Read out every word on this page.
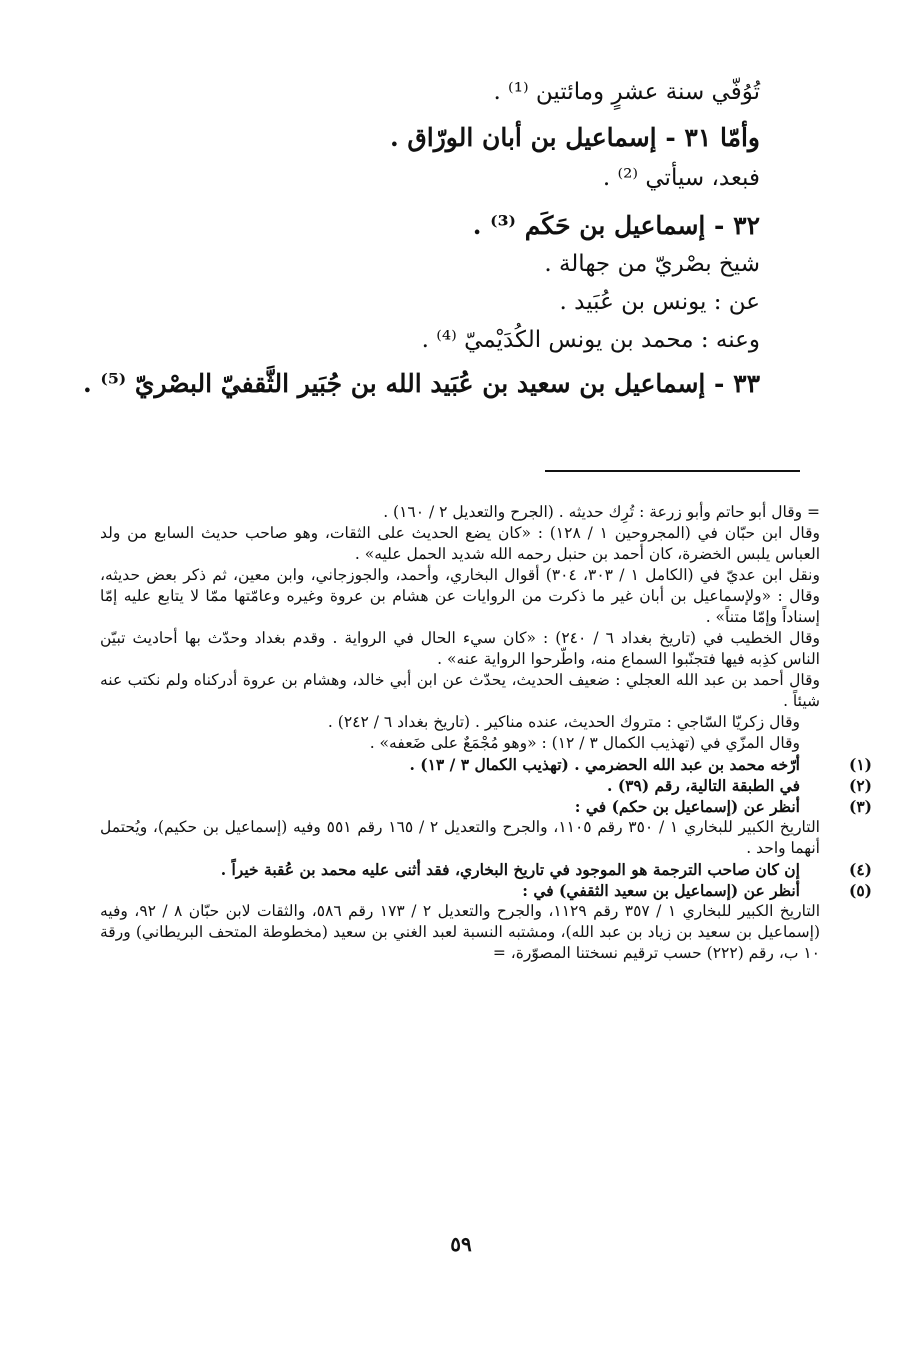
تُوُفّي سنة عشرٍ ومائتين ⁽¹⁾ .

وأمّا ٣١ - إسماعيل بن أبان الورّاق .

فبعد، سيأتي ⁽²⁾ .

٣٢ - إسماعيل بن حَكَم ⁽³⁾ .

شيخ بصْريّ من جهالة .

عن : يونس بن عُبَيد .

وعنه : محمد بن يونس الكُدَيْميّ ⁽⁴⁾ .

٣٣ - إسماعيل بن سعيد بن عُبَيد الله بن جُبَير الثَّقفيّ البصْريّ ⁽⁵⁾ .

= وقال أبو حاتم وأبو زرعة : تُرِك حديثه . (الجرح والتعديل ٢ / ١٦٠) .

وقال ابن حبّان في (المجروحين ١ / ١٢٨) : «كان يضع الحديث على الثقات، وهو صاحب حديث السابع من ولد العباس يلبس الخضرة، كان أحمد بن حنبل رحمه الله شديد الحمل عليه» .

ونقل ابن عديّ في (الكامل ١ / ٣٠٣، ٣٠٤) أقوال البخاري، وأحمد، والجوزجاني، وابن معين، ثم ذكر بعض حديثه، وقال : «ولإسماعيل بن أبان غير ما ذكرت من الروايات عن هشام بن عروة وغيره وعامّتها ممّا لا يتابع عليه إمّا إسناداً وإمّا متناً» .

وقال الخطيب في (تاريخ بغداد ٦ / ٢٤٠) : «كان سيء الحال في الرواية . وقدم بغداد وحدّث بها أحاديث تبيّن الناس كذِبه فيها فتجنّبوا السماع منه، واطّرحوا الرواية عنه» .

وقال أحمد بن عبد الله العجلي : ضعيف الحديث، يحدّث عن ابن أبي خالد، وهشام بن عروة أدركناه ولم نكتب عنه شيئاً .

وقال زكريّا السّاجي : متروك الحديث، عنده مناكير . (تاريخ بغداد ٦ / ٢٤٢) .

وقال المزّي في (تهذيب الكمال ٣ / ١٢) : «وهو مُجْمَعٌ على ضَعفه» .

(١)أرّخه محمد بن عبد الله الحضرمي . (تهذيب الكمال ٣ / ١٣) .

(٢)في الطبقة التالية، رقم (٣٩) .

(٣)أنظر عن (إسماعيل بن حكم) في :

التاريخ الكبير للبخاري ١ / ٣٥٠ رقم ١١٠٥، والجرح والتعديل ٢ / ١٦٥ رقم ٥٥١ وفيه (إسماعيل بن حكيم)، ويُحتمل أنهما واحد .

(٤)إن كان صاحب الترجمة هو الموجود في تاريخ البخاري، فقد أثنى عليه محمد بن عُقبة خيراً .

(٥)أنظر عن (إسماعيل بن سعيد الثقفي) في :

التاريخ الكبير للبخاري ١ / ٣٥٧ رقم ١١٢٩، والجرح والتعديل ٢ / ١٧٣ رقم ٥٨٦، والثقات لابن حبّان ٨ / ٩٢، وفيه (إسماعيل بن سعيد بن زياد بن عبد الله)، ومشتبه النسبة لعبد الغني بن سعيد (مخطوطة المتحف البريطاني) ورقة ١٠ ب، رقم (٢٢٢) حسب ترقيم نسختنا المصوّرة، =

٥٩
